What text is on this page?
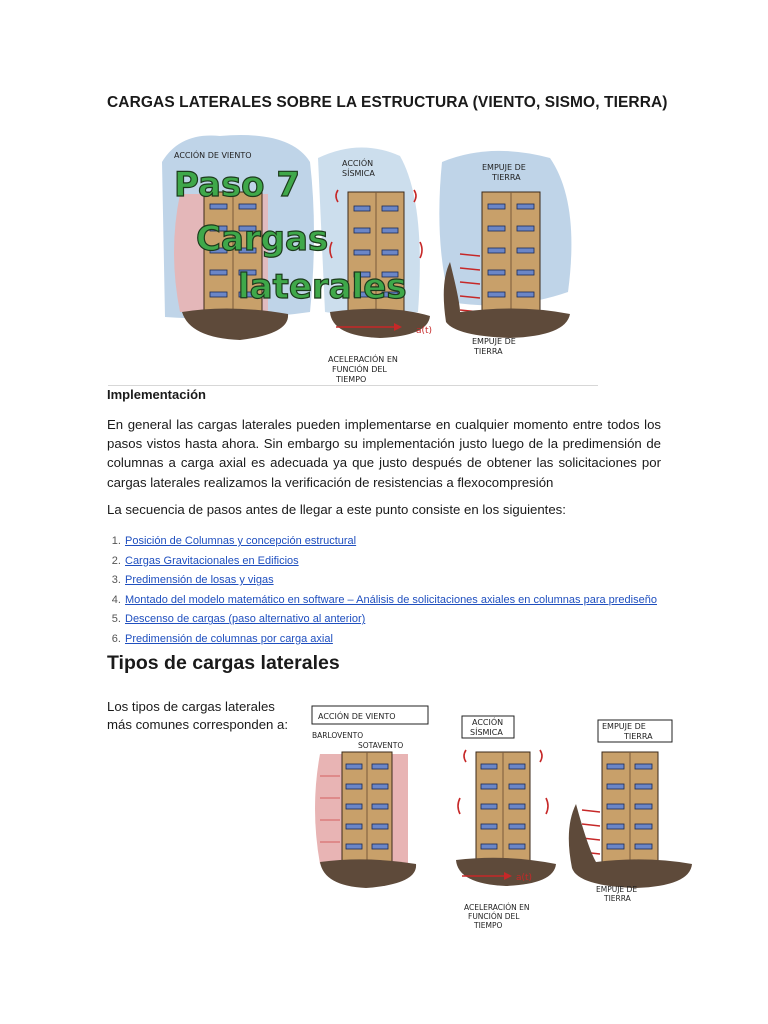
CARGAS LATERALES SOBRE LA ESTRUCTURA (VIENTO, SISMO, TIERRA)
a(t)
ACCIÓN DE VIENTO
ACCIÓN
SÍSMICA
EMPUJE DE
TIERRA
ACELERACIÓN EN
FUNCIÓN DEL
TIEMPO
EMPUJE DE
TIERRA
Paso 7
Cargas
laterales
Implementación
En general las cargas laterales pueden implementarse en cualquier momento entre todos los pasos vistos hasta ahora. Sin embargo su implementación justo luego de la predimensión de columnas a carga axial es adecuada ya que justo después de obtener las solicitaciones por cargas laterales realizamos la verificación de resistencias a flexocompresión
La secuencia de pasos antes de llegar a este punto consiste en los siguientes:
1. Posición de Columnas y concepción estructural
2. Cargas Gravitacionales en Edificios
3. Predimensión de losas y vigas
4. Montado del modelo matemático en software – Análisis de solicitaciones axiales en columnas para prediseño
5. Descenso de cargas (paso alternativo al anterior)
6. Predimensión de columnas por carga axial
Tipos de cargas laterales
Los tipos de cargas laterales más comunes corresponden a:
ACCIÓN DE VIENTO
ACCIÓN
SÍSMICA
EMPUJE DE
TIERRA
BARLOVENTO
SOTAVENTO
a(t)
ACELERACIÓN EN
FUNCIÓN DEL
TIEMPO
EMPUJE DE
TIERRA
